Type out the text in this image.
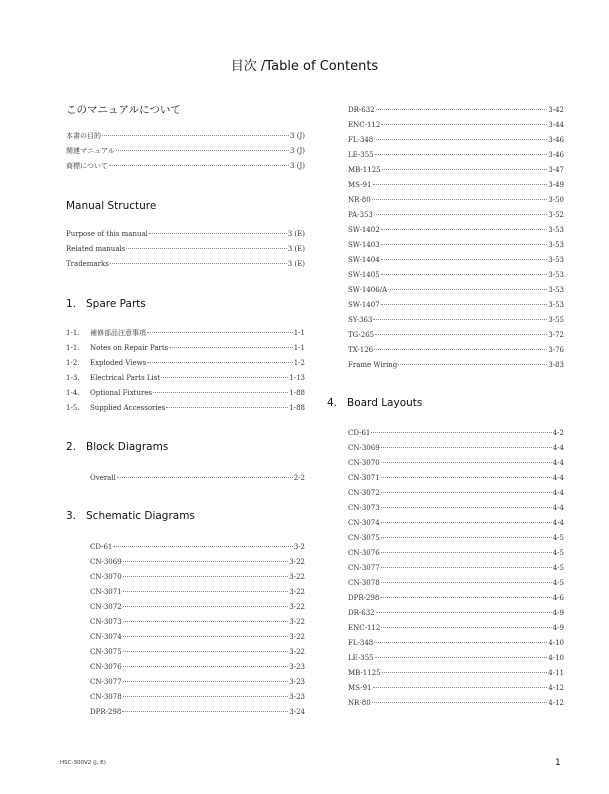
目次 /Table of Contents
このマニュアルについて
本書の目的	3 (J)
関連マニュアル	3 (J)
商標について	3 (J)
Manual Structure
Purpose of this manual	3 (E)
Related manuals	3 (E)
Trademarks	3 (E)
1. Spare Parts
1-1.	補修部品注意事項	1-1
1-1.	Notes on Repair Parts	1-1
1-2.	Exploded Views	1-2
1-3.	Electrical Parts List	1-13
1-4.	Optional Fixtures	1-88
1-5.	Supplied Accessories	1-88
2. Block Diagrams
Overall	2-2
3. Schematic Diagrams
CD-61	3-2
CN-3069	3-22
CN-3070	3-22
CN-3071	3-22
CN-3072	3-22
CN-3073	3-22
CN-3074	3-22
CN-3075	3-22
CN-3076	3-23
CN-3077	3-23
CN-3078	3-23
DPR-298	3-24
DR-632	3-42
ENC-112	3-44
FL-348	3-46
LE-355	3-46
MB-1125	3-47
MS-91	3-49
NR-80	3-50
PA-353	3-52
SW-1402	3-53
SW-1403	3-53
SW-1404	3-53
SW-1405	3-53
SW-1406/A	3-53
SW-1407	3-53
SY-363	3-55
TG-265	3-72
TX-126	3-76
Frame Wiring	3-83
4. Board Layouts
CD-61	4-2
CN-3069	4-4
CN-3070	4-4
CN-3071	4-4
CN-3072	4-4
CN-3073	4-4
CN-3074	4-4
CN-3075	4-5
CN-3076	4-5
CN-3077	4-5
CN-3078	4-5
DPR-298	4-6
DR-632	4-9
ENC-112	4-9
FL-348	4-10
LE-355	4-10
MB-1125	4-11
MS-91	4-12
NR-80	4-12
HSC-300V2 (J, E)	1
